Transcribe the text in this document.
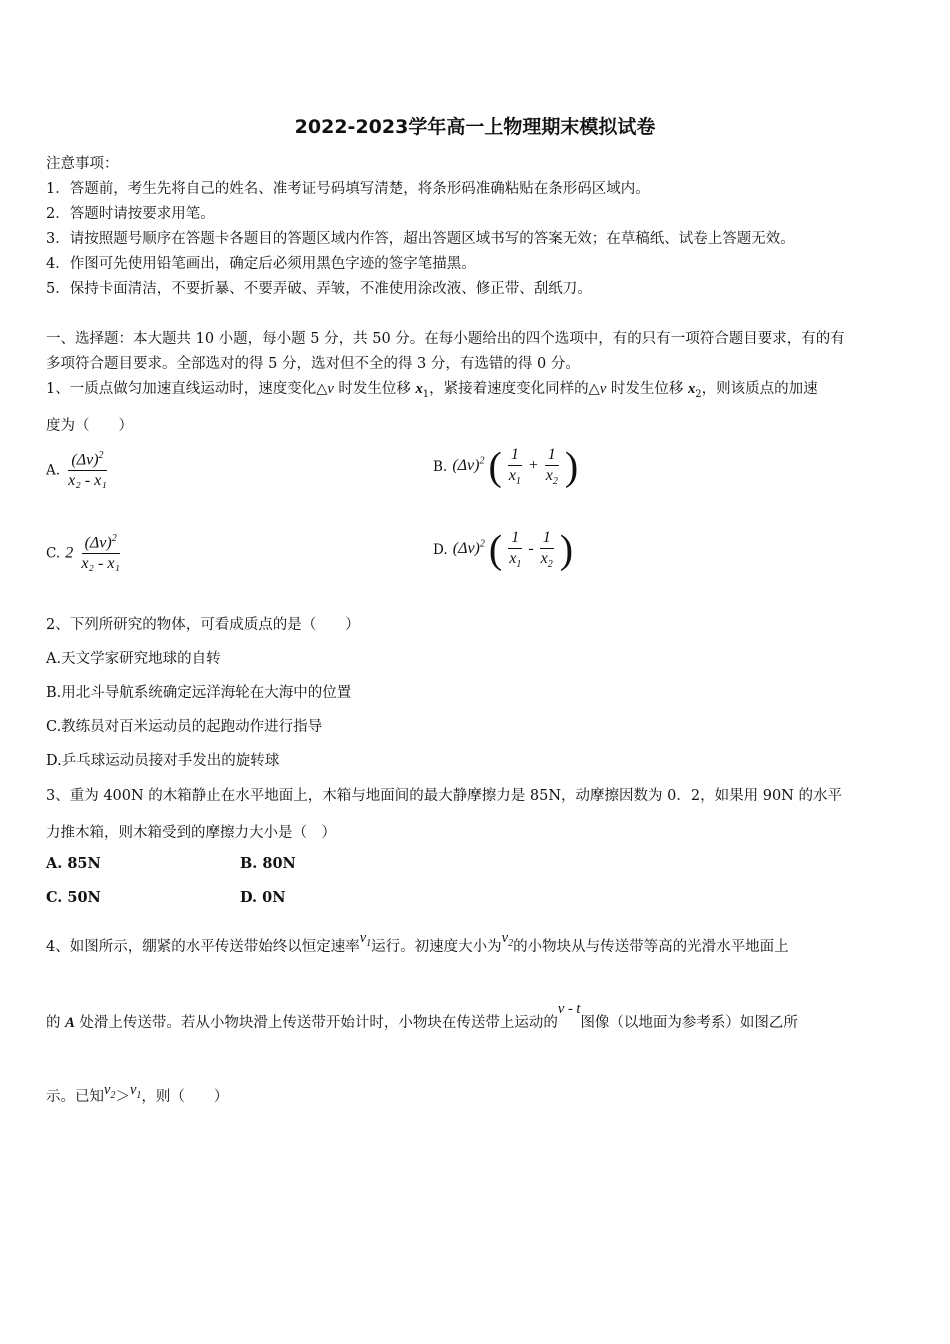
2022-2023学年高一上物理期末模拟试卷
注意事项：
1．答题前，考生先将自己的姓名、准考证号码填写清楚，将条形码准确粘贴在条形码区域内。
2．答题时请按要求用笔。
3．请按照题号顺序在答题卡各题目的答题区域内作答，超出答题区域书写的答案无效；在草稿纸、试卷上答题无效。
4．作图可先使用铅笔画出，确定后必须用黑色字迹的签字笔描黑。
5．保持卡面清洁，不要折暴、不要弄破、弄皱，不准使用涂改液、修正带、刮纸刀。
一、选择题：本大题共 10 小题，每小题 5 分，共 50 分。在每小题给出的四个选项中，有的只有一项符合题目要求，有的有
多项符合题目要求。全部选对的得 5 分，选对但不全的得 3 分，有选错的得 0 分。
1、一质点做匀加速直线运动时，速度变化△v 时发生位移 $x_1$，紧接着速度变化同样的△v 时发生位移 $x_2$，则该质点的加速
度为（　　）
A. $\frac{(\Delta v)^2}{\text{x₂ - x₁}}$	B. $(\Delta v)^2$ ( $\frac{1}{x_1} + \frac{1}{x_2}$ )
C. $2 \frac{(\Delta v)^2}{\text{x₂ - x₁}}$	D. $(\Delta v)^2$ ( $\frac{1}{x_1} - \frac{1}{x_2}$ )
2、下列所研究的物体，可看成质点的是（　　）
A.天文学家研究地球的自转
B.用北斗导航系统确定远洋海轮在大海中的位置
C.教练员对百米运动员的起跑动作进行指导
D.乒乓球运动员接对手发出的旋转球
3、重为 400N 的木箱静止在水平地面上，木箱与地面间的最大静摩擦力是 85N，动摩擦因数为 0．2，如果用 90N 的水平
力推木箱，则木箱受到的摩擦力大小是（　）
A. 85N	B. 80N
C. 50N	D. 0N
4、如图所示，绷紧的水平传送带始终以恒定速率$v_1$运行。初速度大小为$v_2$的小物块从与传送带等高的光滑水平地面上
的 A 处滑上传送带。若从小物块滑上传送带开始计时，小物块在传送带上运动的v - t图像（以地面为参考系）如图乙所
示。已知$v_2>v_1$，则（　　）
